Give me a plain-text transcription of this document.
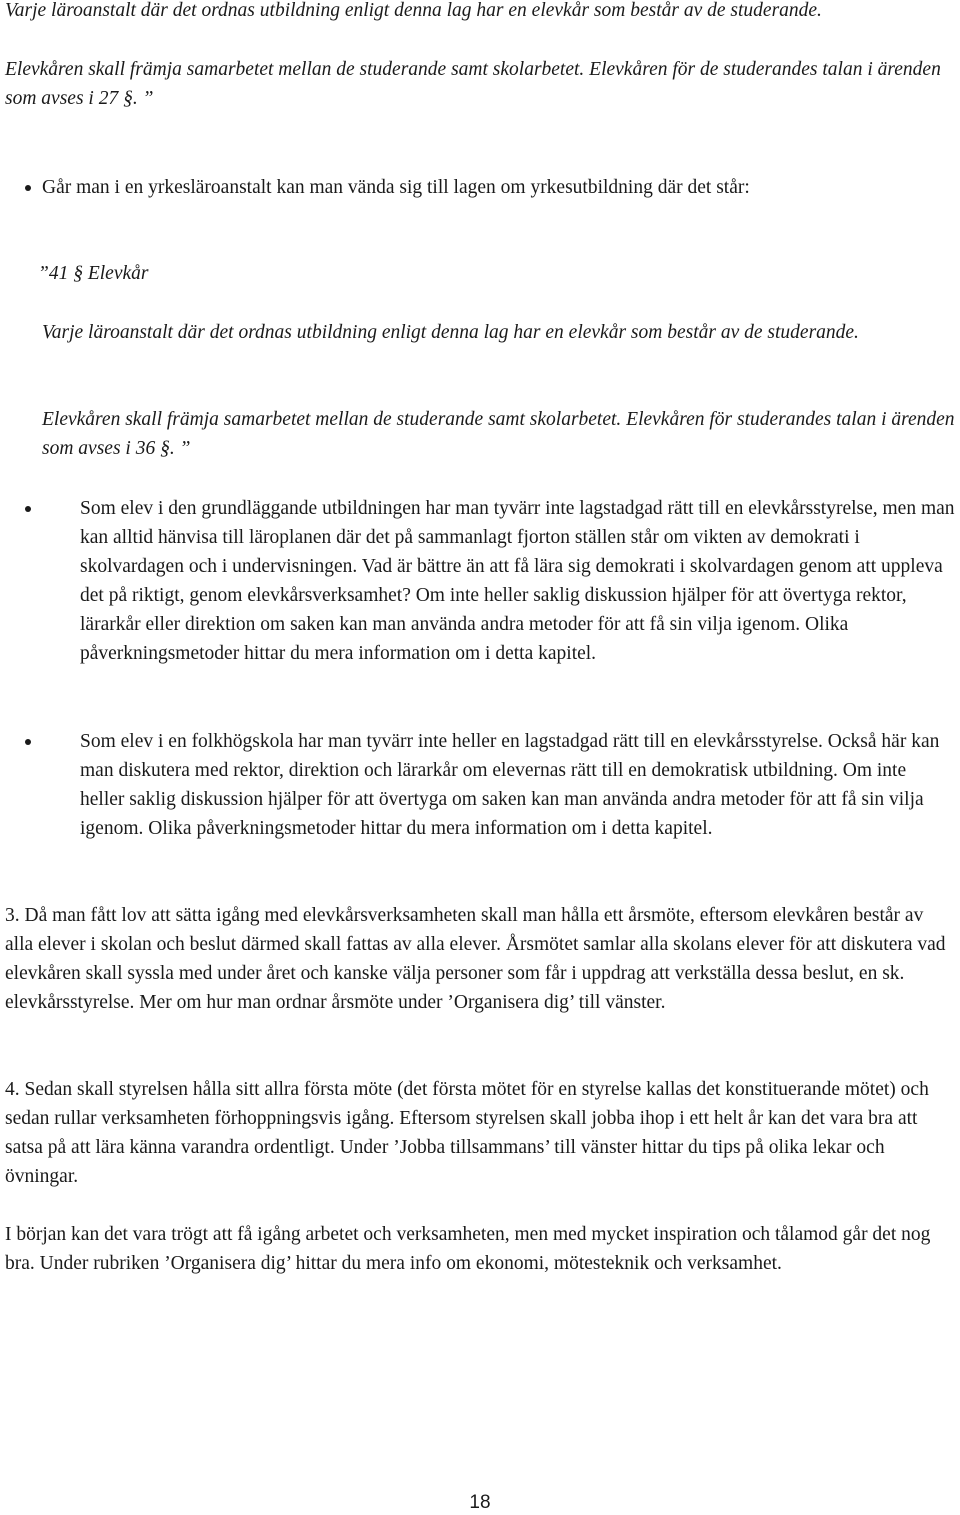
Varje läroanstalt där det ordnas utbildning enligt denna lag har en elevkår som består av de studerande.

Elevkåren skall främja samarbetet mellan de studerande samt skolarbetet. Elevkåren för de studerandes talan i ärenden som avses i 27 §. ”

Går man i en yrkesläroanstalt kan man vända sig till lagen om yrkesutbildning där det står:

”41 § Elevkår

Varje läroanstalt där det ordnas utbildning enligt denna lag har en elevkår som består av de studerande.

Elevkåren skall främja samarbetet mellan de studerande samt skolarbetet. Elevkåren för studerandes talan i ärenden som avses i 36 §. ”

Som elev i den grundläggande utbildningen har man tyvärr inte lagstadgad rätt till en elevkårsstyrelse, men man kan alltid hänvisa till läroplanen där det på sammanlagt fjorton ställen står om vikten av demokrati i skolvardagen och i undervisningen. Vad är bättre än att få lära sig demokrati i skolvardagen genom att uppleva det på riktigt, genom elevkårsverksamhet? Om inte heller saklig diskussion hjälper för att övertyga rektor, lärarkår eller direktion om saken kan man använda andra metoder för att få sin vilja igenom. Olika påverkningsmetoder hittar du mera information om i detta kapitel.

Som elev i en folkhögskola har man tyvärr inte heller en lagstadgad rätt till en elevkårsstyrelse. Också här kan man diskutera med rektor, direktion och lärarkår om elevernas rätt till en demokratisk utbildning. Om inte heller saklig diskussion hjälper för att övertyga om saken kan man använda andra metoder för att få sin vilja igenom. Olika påverkningsmetoder hittar du mera information om i detta kapitel.

3. Då man fått lov att sätta igång med elevkårsverksamheten skall man hålla ett årsmöte, eftersom elevkåren består av alla elever i skolan och beslut därmed skall fattas av alla elever. Årsmötet samlar alla skolans elever för att diskutera vad elevkåren skall syssla med under året och kanske välja personer som får i uppdrag att verkställa dessa beslut, en sk. elevkårsstyrelse. Mer om hur man ordnar årsmöte under ’Organisera dig’ till vänster.

4. Sedan skall styrelsen hålla sitt allra första möte (det första mötet för en styrelse kallas det konstituerande mötet) och sedan rullar verksamheten förhoppningsvis igång. Eftersom styrelsen skall jobba ihop i ett helt år kan det vara bra att satsa på att lära känna varandra ordentligt. Under ’Jobba tillsammans’ till vänster hittar du tips på olika lekar och övningar.

I början kan det vara trögt att få igång arbetet och verksamheten, men med mycket inspiration och tålamod går det nog bra. Under rubriken ’Organisera dig’ hittar du mera info om ekonomi, mötesteknik och verksamhet.

18
